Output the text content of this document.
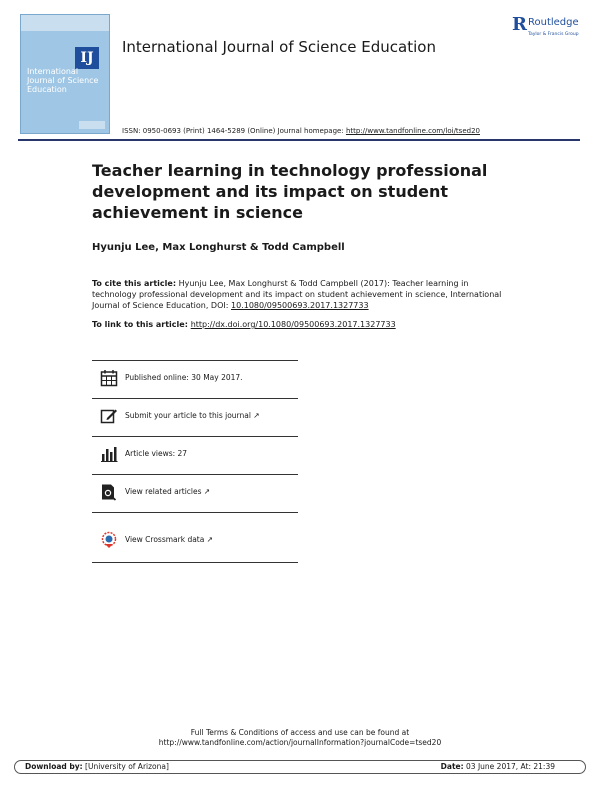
IJ
International Journal of Science Education
International Journal of Science Education
R Routledge
Taylor & Francis Group
ISSN: 0950-0693 (Print) 1464-5289 (Online) Journal homepage: http://www.tandfonline.com/loi/tsed20
Teacher learning in technology professional development and its impact on student achievement in science
Hyunju Lee, Max Longhurst & Todd Campbell
To cite this article: Hyunju Lee, Max Longhurst & Todd Campbell (2017): Teacher learning in technology professional development and its impact on student achievement in science, International Journal of Science Education, DOI: 10.1080/09500693.2017.1327733
To link to this article: http://dx.doi.org/10.1080/09500693.2017.1327733
Published online: 30 May 2017.
Submit your article to this journal ↗
Article views: 27
View related articles ↗
View Crossmark data ↗
Full Terms & Conditions of access and use can be found at
http://www.tandfonline.com/action/journalInformation?journalCode=tsed20
Download by: [University of Arizona]	Date: 03 June 2017, At: 21:39
